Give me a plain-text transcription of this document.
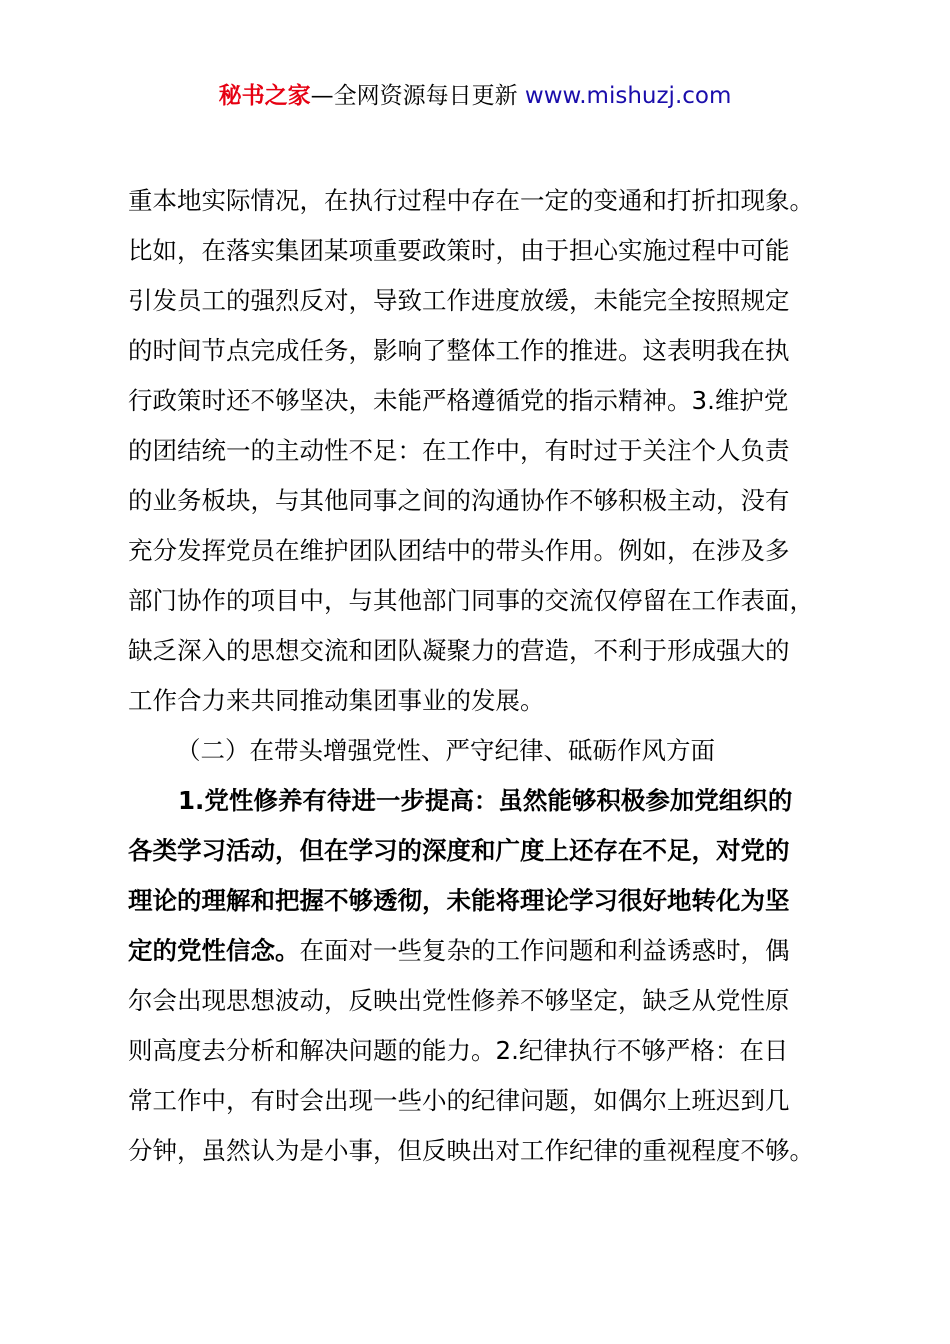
秘书之家—全网资源每日更新 www.mishuzj.com
重本地实际情况，在执行过程中存在一定的变通和打折扣现象。
比如，在落实集团某项重要政策时，由于担心实施过程中可能
引发员工的强烈反对，导致工作进度放缓，未能完全按照规定
的时间节点完成任务，影响了整体工作的推进。这表明我在执
行政策时还不够坚决，未能严格遵循党的指示精神。3.维护党
的团结统一的主动性不足：在工作中，有时过于关注个人负责
的业务板块，与其他同事之间的沟通协作不够积极主动，没有
充分发挥党员在维护团队团结中的带头作用。例如，在涉及多
部门协作的项目中，与其他部门同事的交流仅停留在工作表面，
缺乏深入的思想交流和团队凝聚力的营造，不利于形成强大的
工作合力来共同推动集团事业的发展。
（二）在带头增强党性、严守纪律、砥砺作风方面
1.党性修养有待进一步提高：虽然能够积极参加党组织的
各类学习活动，但在学习的深度和广度上还存在不足，对党的
理论的理解和把握不够透彻，未能将理论学习很好地转化为坚
定的党性信念。在面对一些复杂的工作问题和利益诱惑时，偶
尔会出现思想波动，反映出党性修养不够坚定，缺乏从党性原
则高度去分析和解决问题的能力。2.纪律执行不够严格：在日
常工作中，有时会出现一些小的纪律问题，如偶尔上班迟到几
分钟，虽然认为是小事，但反映出对工作纪律的重视程度不够。
